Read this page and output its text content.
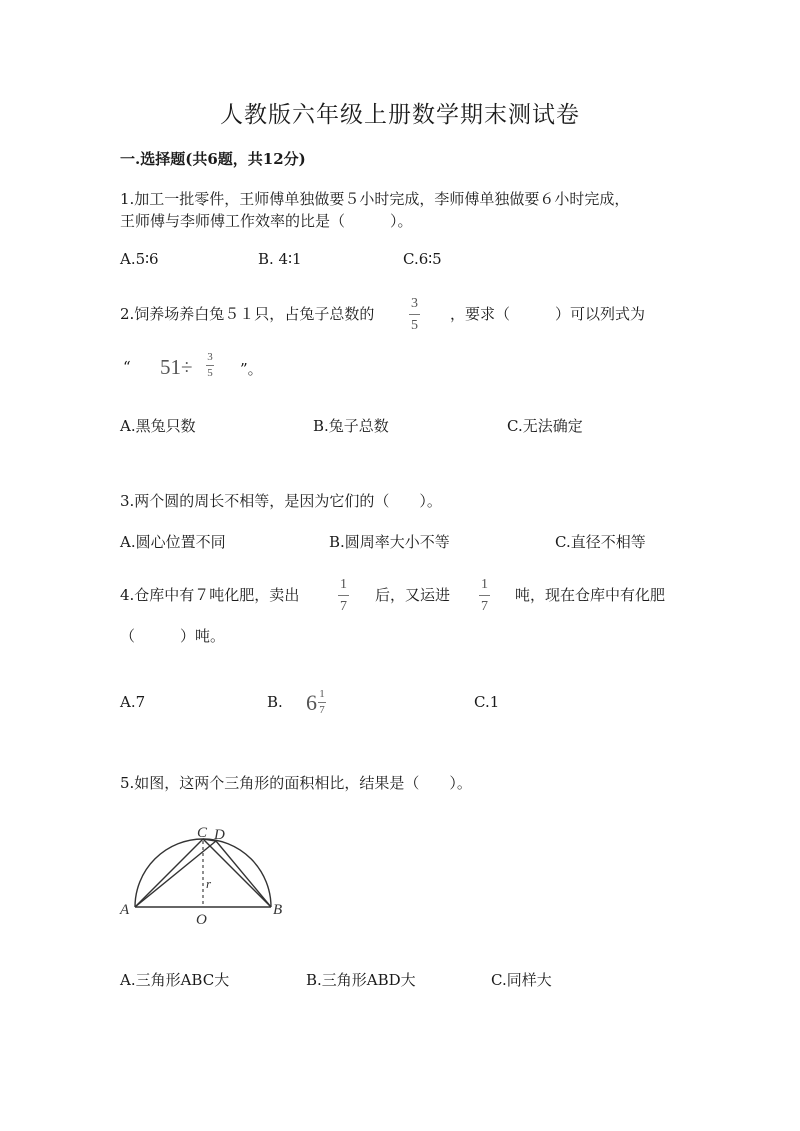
人教版六年级上册数学期末测试卷
一.选择题(共6题，共12分)
1.加工一批零件，王师傅单独做要５小时完成，李师傅单独做要６小时完成，
王师傅与李师傅工作效率的比是（　　　）。
A.5∶6	B. 4∶1	C.6∶5
2.饲养场养白兔５１只，占兔子总数的
3
5
，要求（　　　）可以列式为
“ 51÷ 3
5 ”。
A.黑兔只数	B.兔子总数	C.无法确定
3.两个圆的周长不相等，是因为它们的（　　）。
A.圆心位置不同	B.圆周率大小不等	C.直径不相等
4.仓库中有７吨化肥，卖出
1
7
后，又运进
1
7
吨，现在仓库中有化肥
（　　　）吨。
A.7	B. 6 1
7	C.1
5.如图，这两个三角形的面积相比，结果是（　　）。
A	B
C D
O
r
A.三角形ABC大	B.三角形ABD大	C.同样大
